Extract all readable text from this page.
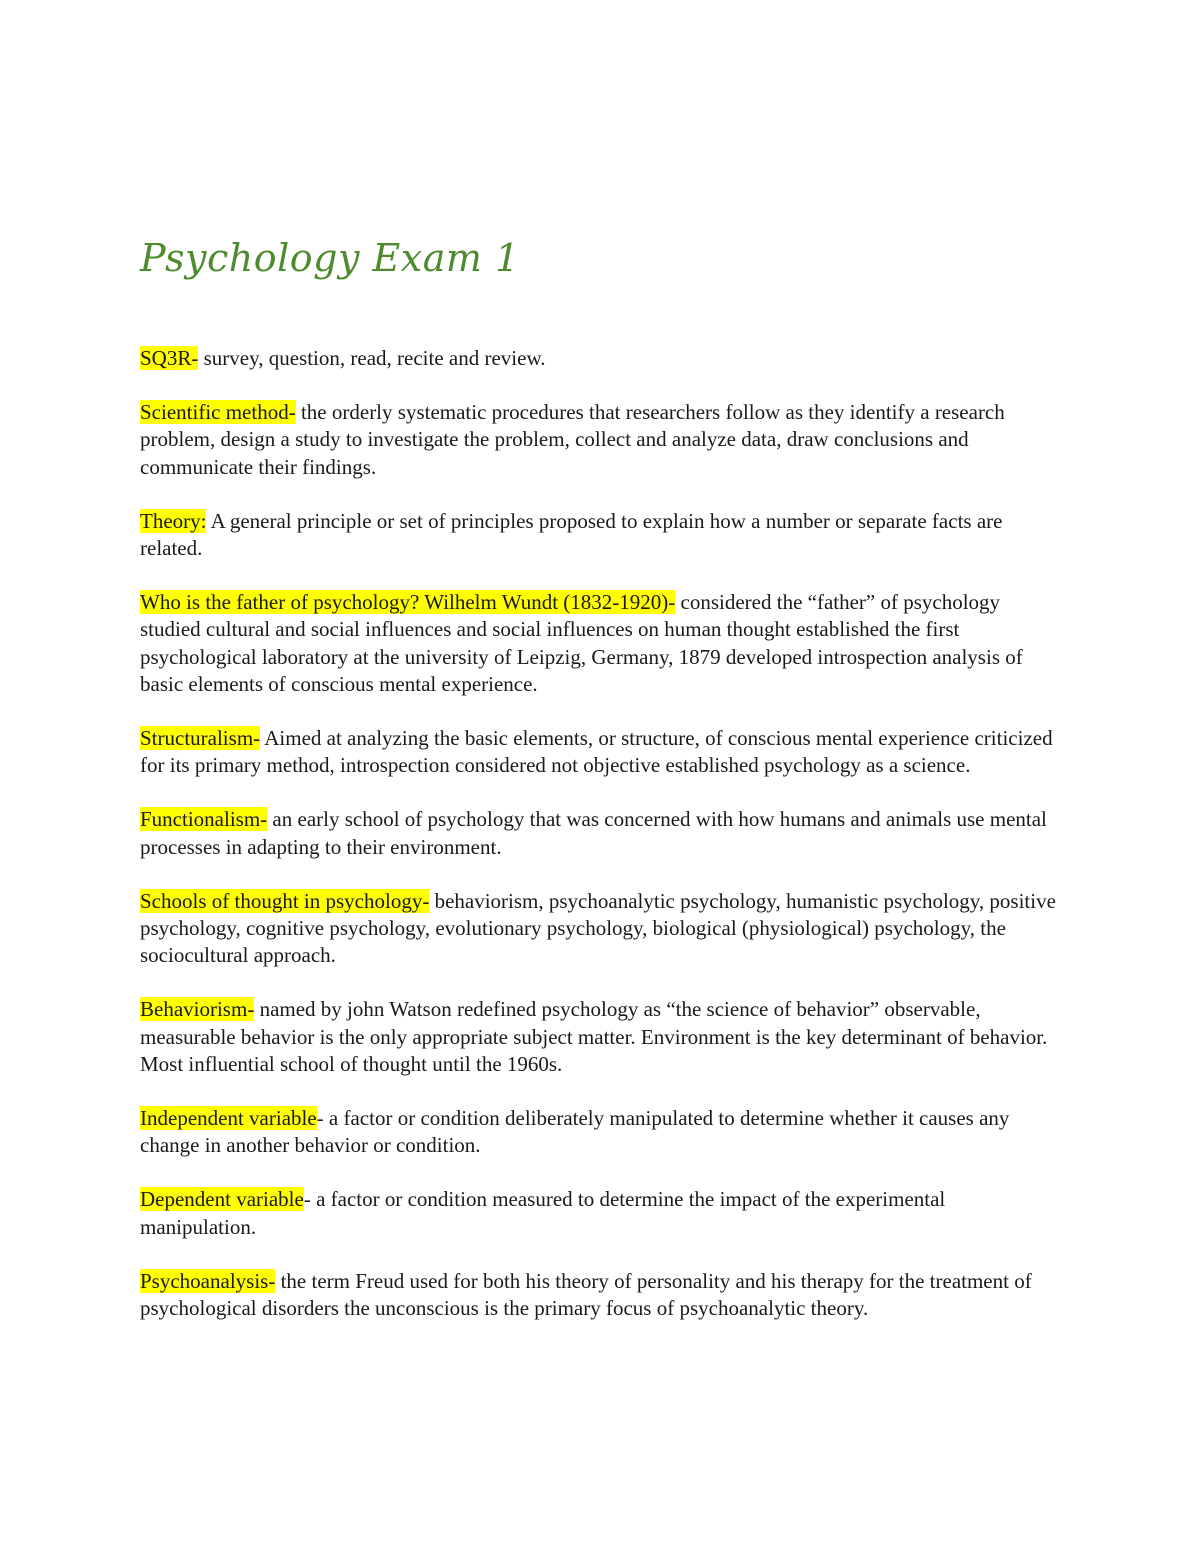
Psychology Exam 1

SQ3R- survey, question, read, recite and review.

Scientific method- the orderly systematic procedures that researchers follow as they identify a research problem, design a study to investigate the problem, collect and analyze data, draw conclusions and communicate their findings.

Theory: A general principle or set of principles proposed to explain how a number or separate facts are related.

Who is the father of psychology? Wilhelm Wundt (1832-1920)- considered the “father” of psychology studied cultural and social influences and social influences on human thought established the first psychological laboratory at the university of Leipzig, Germany, 1879 developed introspection analysis of basic elements of conscious mental experience.

Structuralism- Aimed at analyzing the basic elements, or structure, of conscious mental experience criticized for its primary method, introspection considered not objective established psychology as a science.

Functionalism- an early school of psychology that was concerned with how humans and animals use mental processes in adapting to their environment.

Schools of thought in psychology- behaviorism, psychoanalytic psychology, humanistic psychology, positive psychology, cognitive psychology, evolutionary psychology, biological (physiological) psychology, the sociocultural approach.

Behaviorism- named by john Watson redefined psychology as “the science of behavior” observable, measurable behavior is the only appropriate subject matter. Environment is the key determinant of behavior. Most influential school of thought until the 1960s.

Independent variable- a factor or condition deliberately manipulated to determine whether it causes any change in another behavior or condition.

Dependent variable- a factor or condition measured to determine the impact of the experimental manipulation.

Psychoanalysis- the term Freud used for both his theory of personality and his therapy for the treatment of psychological disorders the unconscious is the primary focus of psychoanalytic theory.
